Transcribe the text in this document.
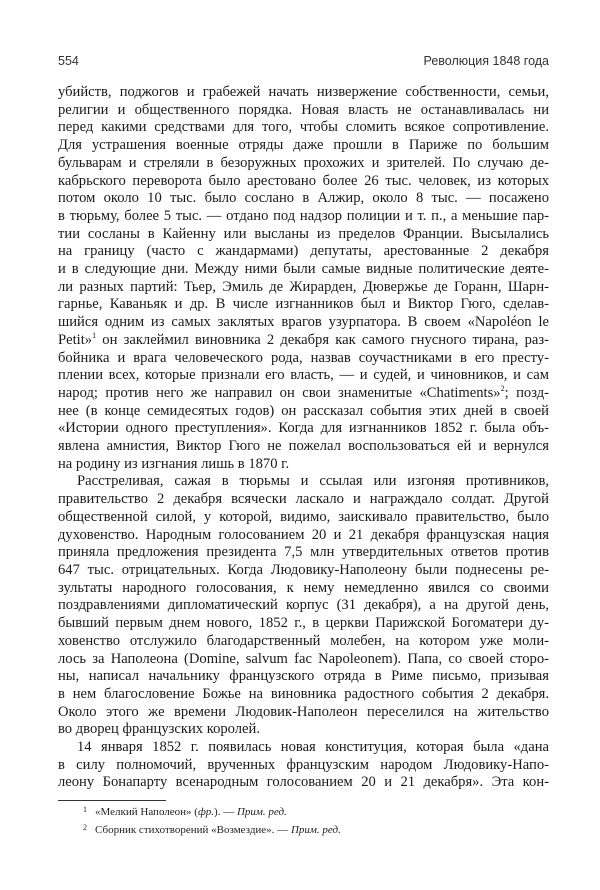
554	Революция 1848 года
убийств, поджогов и грабежей начать низвержение собственности, семьи,
религии и общественного порядка. Новая власть не останавливалась ни
перед какими средствами для того, чтобы сломить всякое сопротивление.
Для устрашения военные отряды даже прошли в Париже по большим
бульварам и стреляли в безоружных прохожих и зрителей. По случаю де-
кабрьского переворота было арестовано более 26 тыс. человек, из которых
потом около 10 тыс. было сослано в Алжир, около 8 тыс. — посажено
в тюрьму, более 5 тыс. — отдано под надзор полиции и т. п., а меньшие пар-
тии сосланы в Кайенну или высланы из пределов Франции. Высылались
на границу (часто с жандармами) депутаты, арестованные 2 декабря
и в следующие дни. Между ними были самые видные политические деяте-
ли разных партий: Тьер, Эмиль де Жирарден, Дювержье де Горанн, Шарн-
гарнье, Каваньяк и др. В числе изгнанников был и Виктор Гюго, сделав-
шийся одним из самых заклятых врагов узурпатора. В своем «Napoléon le
Petit»$^1$ он заклеймил виновника 2 декабря как самого гнусного тирана, раз-
бойника и врага человеческого рода, назвав соучастниками в его престу-
плении всех, которые признали его власть, — и судей, и чиновников, и сам
народ; против него же направил он свои знаменитые «Chatiments»$^2$; позд-
нее (в конце семидесятых годов) он рассказал события этих дней в своей
«Истории одного преступления». Когда для изгнанников 1852 г. была объ-
явлена амнистия, Виктор Гюго не пожелал воспользоваться ей и вернулся
на родину из изгнания лишь в 1870 г.
Расстреливая, сажая в тюрьмы и ссылая или изгоняя противников,
правительство 2 декабря всячески ласкало и награждало солдат. Другой
общественной силой, у которой, видимо, заискивало правительство, было
духовенство. Народным голосованием 20 и 21 декабря французская нация
приняла предложения президента 7,5 млн утвердительных ответов против
647 тыс. отрицательных. Когда Людовику-Наполеону были поднесены ре-
зультаты народного голосования, к нему немедленно явился со своими
поздравлениями дипломатический корпус (31 декабря), а на другой день,
бывший первым днем нового, 1852 г., в церкви Парижской Богоматери ду-
ховенство отслужило благодарственный молебен, на котором уже моли-
лось за Наполеона (Domine, salvum fac Napoleonem). Папа, со своей сторо-
ны, написал начальнику французского отряда в Риме письмо, призывая
в нем благословение Божье на виновника радостного события 2 декабря.
Около этого же времени Людовик-Наполеон переселился на жительство
во дворец французских королей.
14 января 1852 г. появилась новая конституция, которая была «дана
в силу полномочий, врученных французским народом Людовику-Напо-
леону Бонапарту всенародным голосованием 20 и 21 декабря». Эта кон-
1 «Мелкий Наполеон» (фр.). — Прим. ред.
2 Сборник стихотворений «Возмездие». — Прим. ред.
